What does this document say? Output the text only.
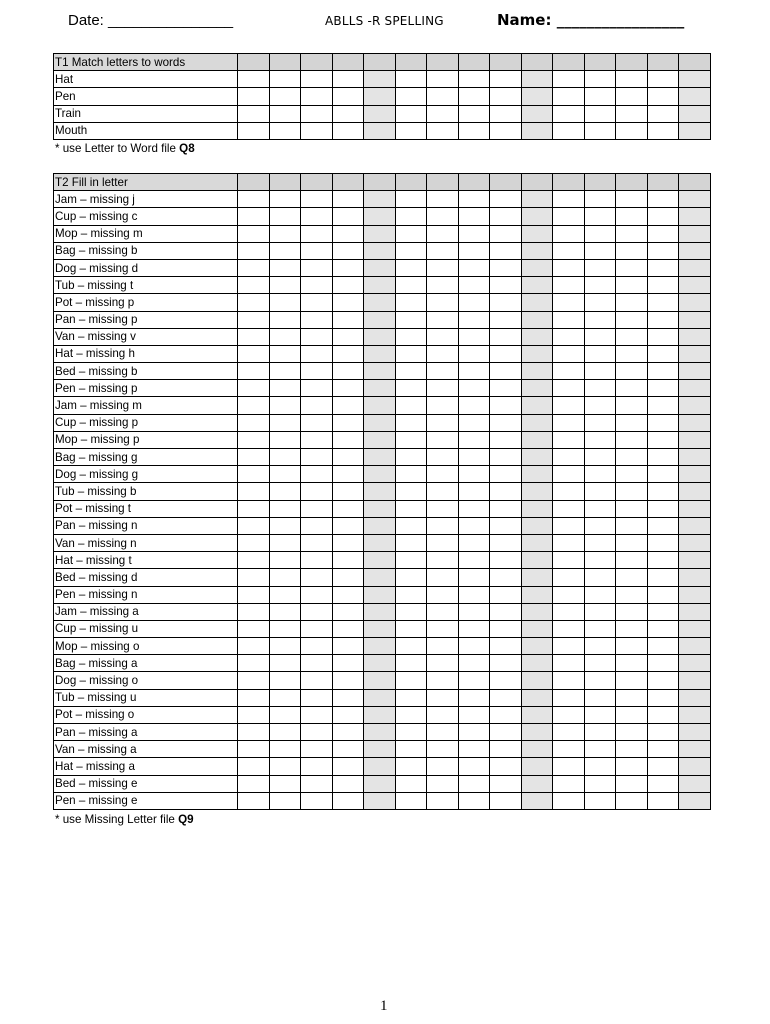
Date: _______________	ABLLS -R SPELLING	Name: _________________
T1 Match letters to words															
Hat															
Pen															
Train															
Mouth															
* use Letter to Word file Q8
T2 Fill in letter															
Jam – missing j															
Cup – missing c															
Mop – missing m															
Bag – missing b															
Dog – missing d															
Tub – missing t															
Pot – missing p															
Pan – missing p															
Van – missing v															
Hat – missing h															
Bed – missing b															
Pen – missing p															
Jam – missing m															
Cup – missing p															
Mop – missing p															
Bag – missing g															
Dog – missing g															
Tub – missing b															
Pot – missing t															
Pan – missing n															
Van – missing n															
Hat – missing t															
Bed – missing d															
Pen – missing n															
Jam – missing a															
Cup – missing u															
Mop – missing o															
Bag – missing a															
Dog – missing o															
Tub – missing u															
Pot – missing o															
Pan – missing a															
Van – missing a															
Hat – missing a															
Bed – missing e															
Pen – missing e															
* use Missing Letter file Q9
1
